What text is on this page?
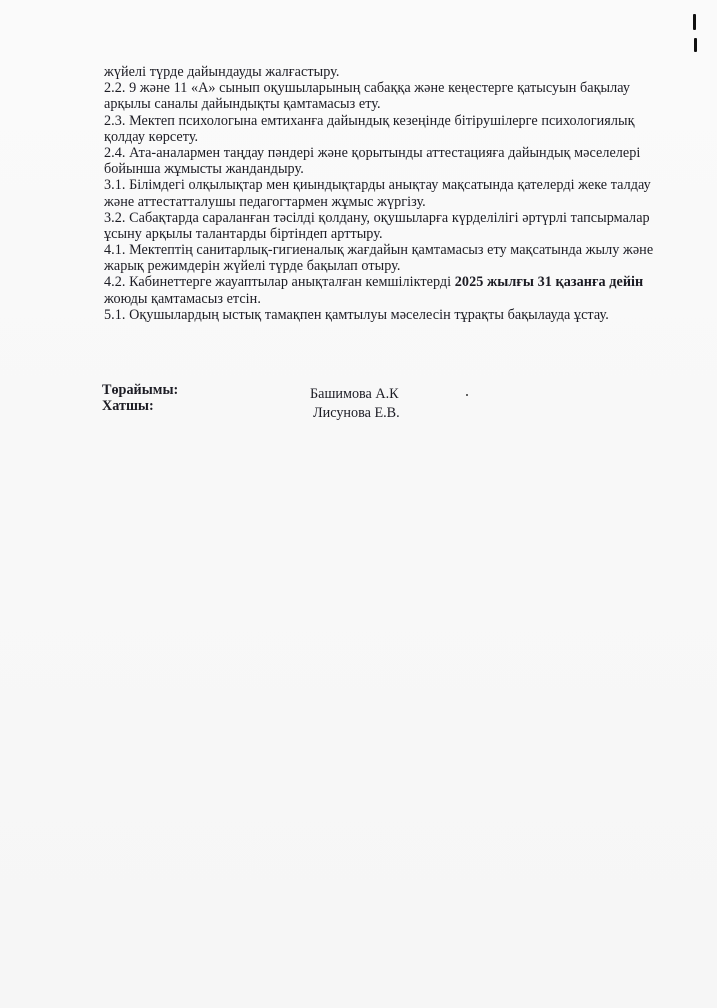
жүйелі түрде дайындауды жалғастыру.
2.2. 9 және 11 «А» сынып оқушыларының сабаққа және кеңестерге қатысуын бақылау
арқылы саналы дайындықты қамтамасыз ету.
2.3. Мектеп психологына емтиханға дайындық кезеңінде бітірушілерге психологиялық
қолдау көрсету.
2.4. Ата-аналармен таңдау пәндері және қорытынды аттестацияға дайындық мәселелері
бойынша жұмысты жандандыру.
3.1. Білімдегі олқылықтар мен қиындықтарды анықтау мақсатында қателерді жеке талдау
және аттестатталушы педагогтармен жұмыс жүргізу.
3.2. Сабақтарда сараланған тәсілді қолдану, оқушыларға күрделілігі әртүрлі тапсырмалар
ұсыну арқылы талантарды біртіндеп арттыру.
4.1. Мектептің санитарлық-гигиеналық жағдайын қамтамасыз ету мақсатында жылу және
жарық режимдерін жүйелі түрде бақылап отыру.
4.2. Кабинеттерге жауаптылар анықталған кемшіліктерді 2025 жылғы 31 қазанға дейін
жоюды қамтамасыз етсін.
5.1. Оқушылардың ыстық тамақпен қамтылуы мәселесін тұрақты бақылауда ұстау.
Төрайымы:	Башимова А.К
Хатшы:	Лисунова Е.В.
